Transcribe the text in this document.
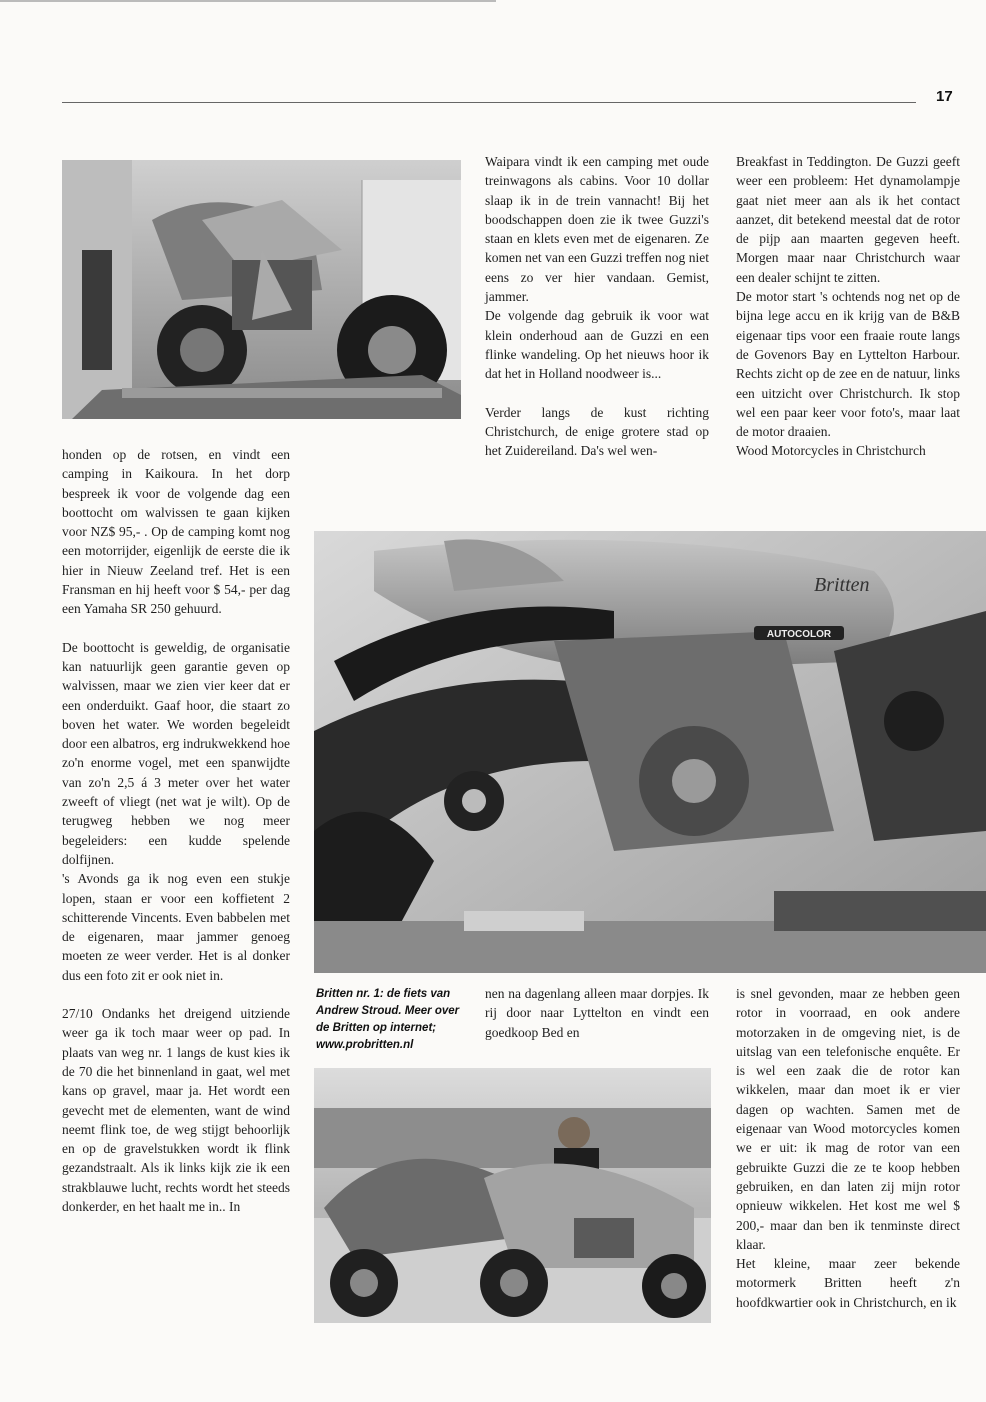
17

honden op de rotsen, en vindt een camping in Kaikoura. In het dorp bespreek ik voor de volgende dag een boottocht om walvissen te gaan kijken voor NZ$ 95,- . Op de camping komt nog een motorrijder, eigenlijk de eerste die ik hier in Nieuw Zeeland tref. Het is een Fransman en hij heeft voor $ 54,- per dag een Yamaha SR 250 gehuurd.

De boottocht is geweldig, de organisatie kan natuurlijk geen garantie geven op walvissen, maar we zien vier keer dat er een onderduikt. Gaaf hoor, die staart zo boven het water. We worden begeleidt door een albatros, erg indrukwekkend hoe zo'n enorme vogel, met een spanwijdte van zo'n 2,5 á 3 meter over het water zweeft of vliegt (net wat je wilt). Op de terugweg hebben we nog meer begeleiders: een kudde spelende dolfijnen.

's Avonds ga ik nog even een stukje lopen, staan er voor een koffietent 2 schitterende Vincents. Even babbelen met de eigenaren, maar jammer genoeg moeten ze weer verder. Het is al donker dus een foto zit er ook niet in.

27/10 Ondanks het dreigend uitziende weer ga ik toch maar weer op pad. In plaats van weg nr. 1 langs de kust kies ik de 70 die het binnenland in gaat, wel met kans op gravel, maar ja. Het wordt een gevecht met de elementen, want de wind neemt flink toe, de weg stijgt behoorlijk en op de gravelstukken wordt ik flink gezandstraalt. Als ik links kijk zie ik een strakblauwe lucht, rechts wordt het steeds donkerder, en het haalt me in.. In

Waipara vindt ik een camping met oude treinwagons als cabins. Voor 10 dollar slaap ik in de trein vannacht! Bij het boodschappen doen zie ik twee Guzzi's staan en klets even met de eigenaren. Ze komen net van een Guzzi treffen nog niet eens zo ver hier vandaan. Gemist, jammer.

De volgende dag gebruik ik voor wat klein onderhoud aan de Guzzi en een flinke wandeling. Op het nieuws hoor ik dat het in Holland noodweer is...

Verder langs de kust richting Christchurch, de enige grotere stad op het Zuidereiland. Da's wel wen-

Breakfast in Teddington. De Guzzi geeft weer een probleem: Het dynamolampje gaat niet meer aan als ik het contact aanzet, dit betekend meestal dat de rotor de pijp aan maarten gegeven heeft. Morgen maar naar Christchurch waar een dealer schijnt te zitten.

De motor start 's ochtends nog net op de bijna lege accu en ik krijg van de B&B eigenaar tips voor een fraaie route langs de Govenors Bay en Lyttelton Harbour. Rechts zicht op de zee en de natuur, links een uitzicht over Christchurch. Ik stop wel een paar keer voor foto's, maar laat de motor draaien.

Wood Motorcycles in Christchurch

AUTOCOLOR
Britten
Britten nr. 1: de fiets van Andrew Stroud. Meer over de Britten op internet; www.probritten.nl

nen na dagenlang alleen maar dorpjes. Ik rij door naar Lyttelton en vindt een goedkoop Bed en

is snel gevonden, maar ze hebben geen rotor in voorraad, en ook andere motorzaken in de omgeving niet, is de uitslag van een telefonische enquête. Er is wel een zaak die de rotor kan wikkelen, maar dan moet ik er vier dagen op wachten. Samen met de eigenaar van Wood motorcycles komen we er uit: ik mag de rotor van een gebruikte Guzzi die ze te koop hebben gebruiken, en dan laten zij mijn rotor opnieuw wikkelen. Het kost me wel $ 200,- maar dan ben ik tenminste direct klaar.

Het kleine, maar zeer bekende motormerk Britten heeft z'n hoofdkwartier ook in Christchurch, en ik
